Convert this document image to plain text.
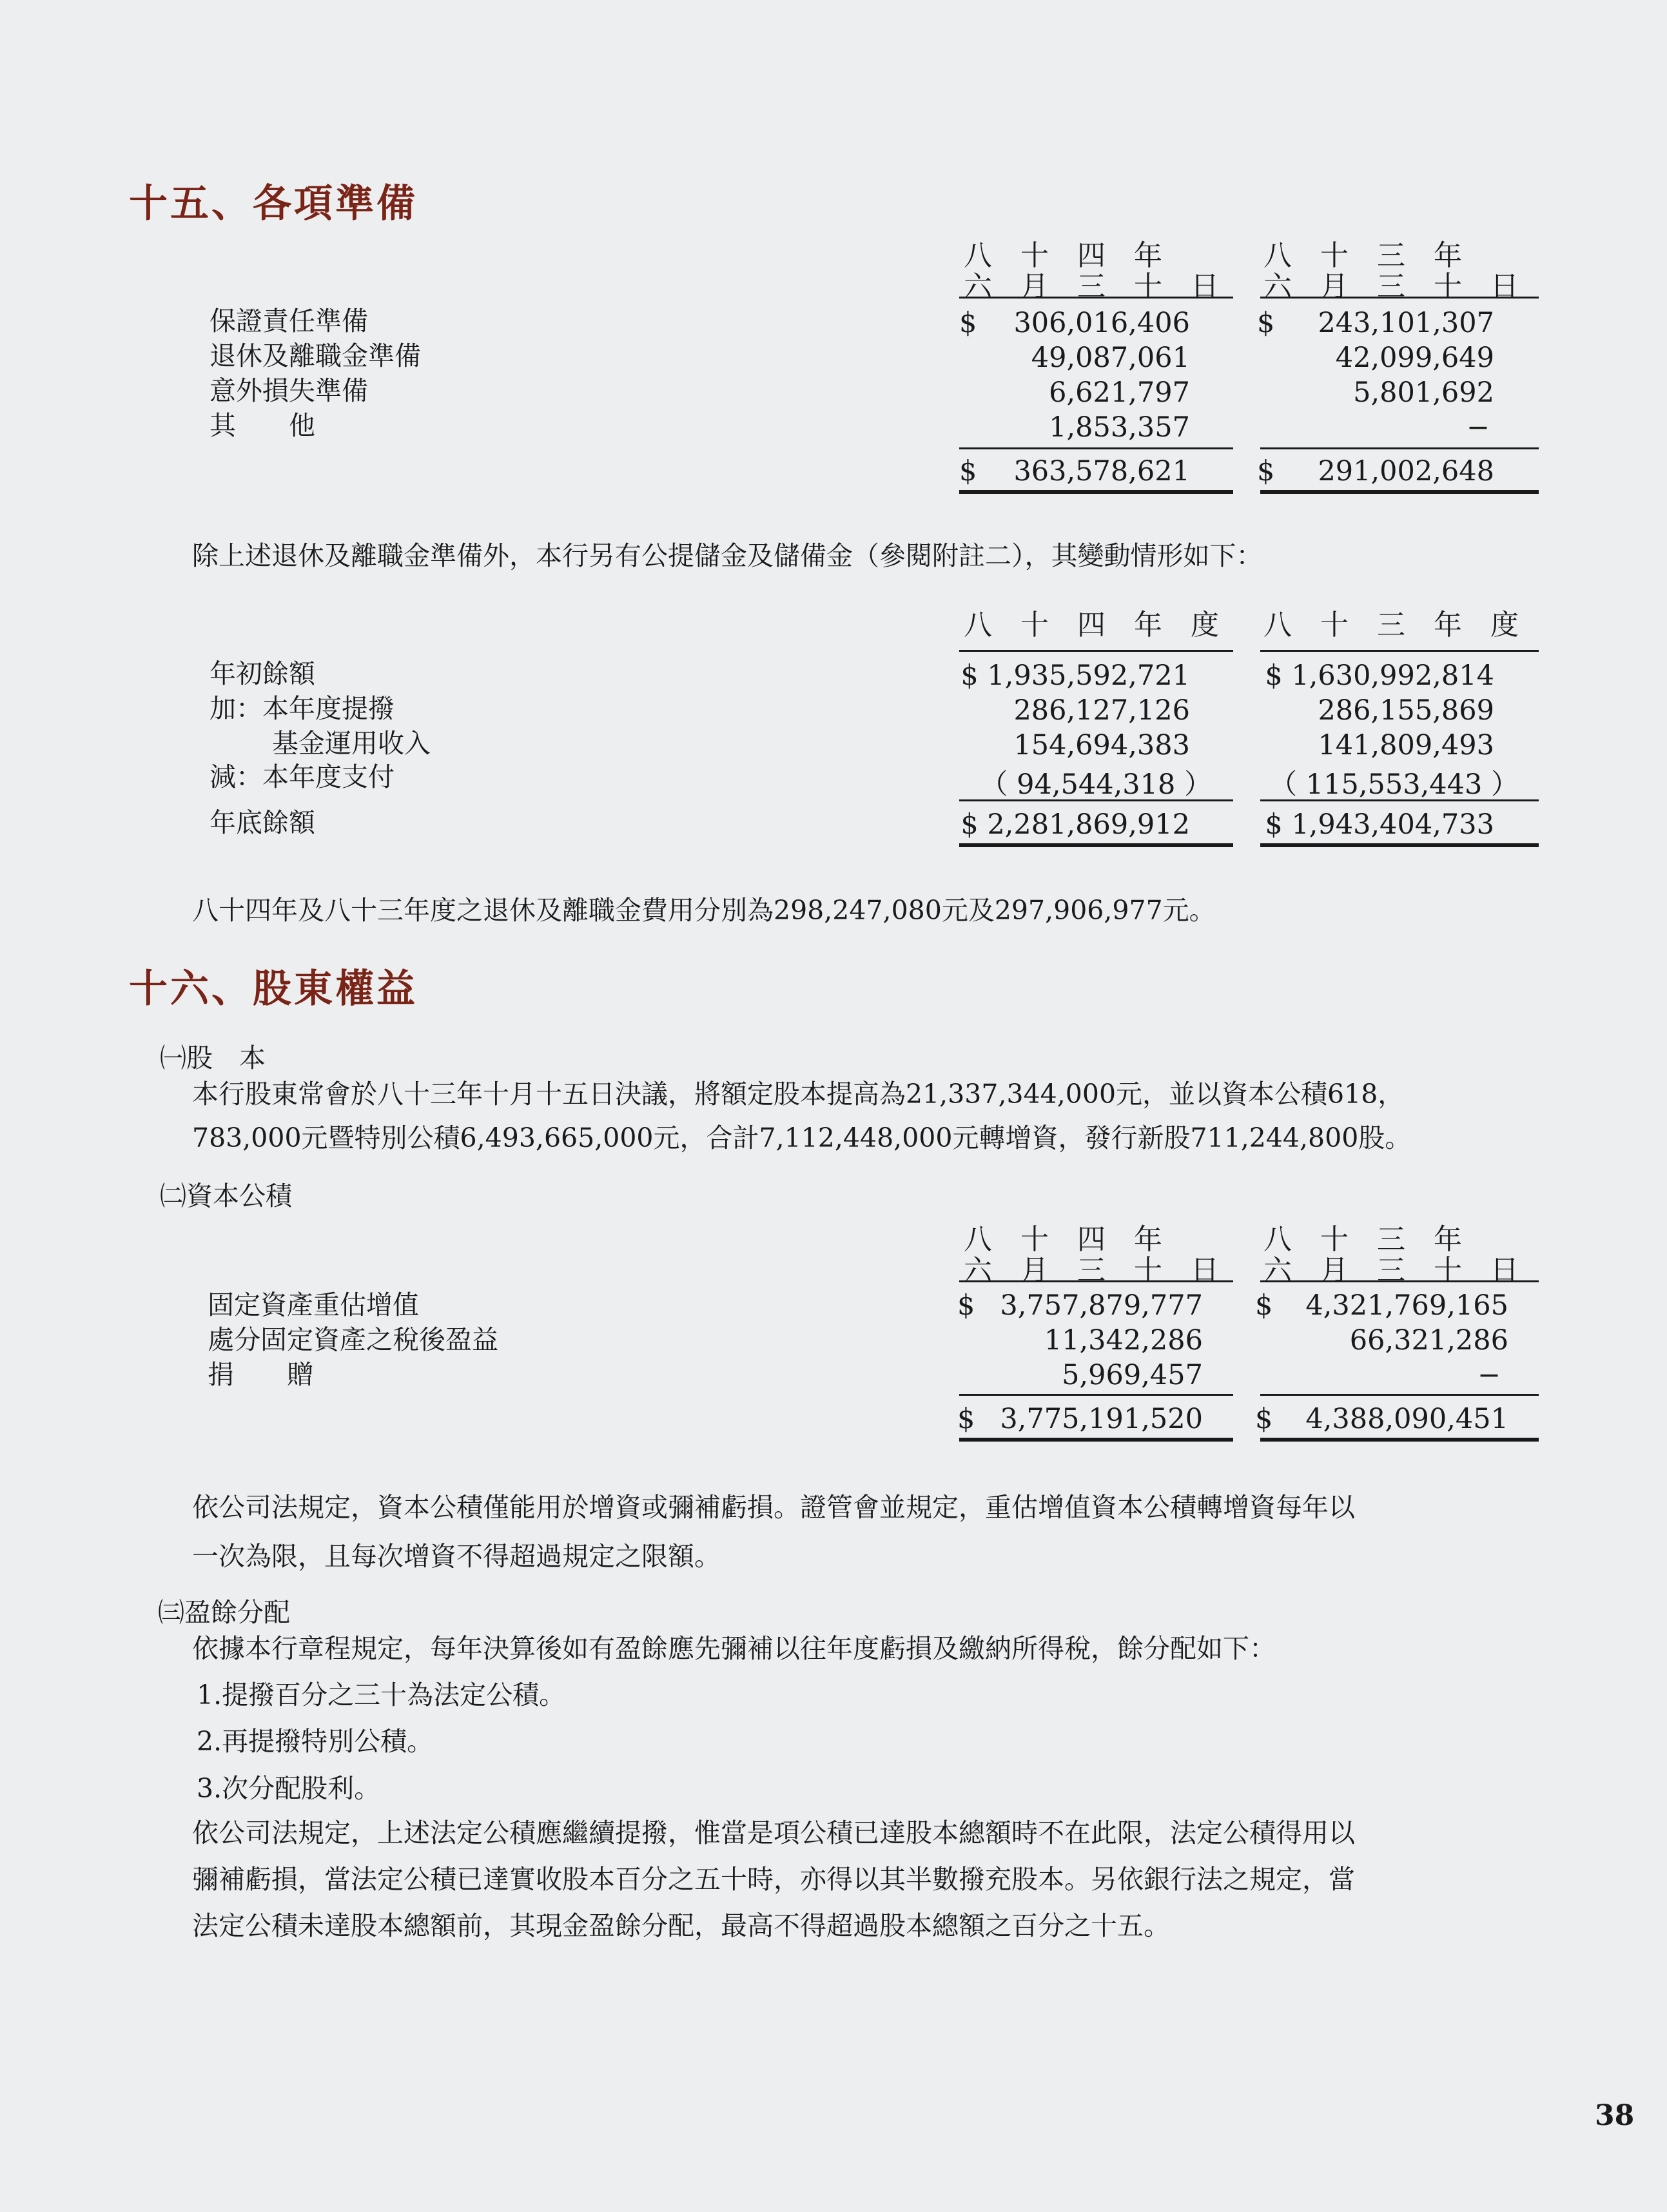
十五、各項準備
八　十　四　年
六　月　三　十　日
八　十　三　年
六　月　三　十　日
保證責任準備	$ 306,016,406 $ 243,101,307
退休及離職金準備	49,087,061	42,099,649
意外損失準備	6,621,797	5,801,692
其　　他	1,853,357	−
$ 363,578,621 $ 291,002,648
除上述退休及離職金準備外，本行另有公提儲金及儲備金（參閱附註二），其變動情形如下：
八　十　四　年　度 八　十　三　年　度
年初餘額	$ 1,935,592,721	$ 1,630,992,814
加：本年度提撥	286,127,126	286,155,869
基金運用收入	154,694,383	141,809,493
減：本年度支付	（ 94,544,318 ） （ 115,553,443 ）
年底餘額	$ 2,281,869,912	$ 1,943,404,733
八十四年及八十三年度之退休及離職金費用分別為298,247,080元及297,906,977元。
十六、股東權益
㈠股　本
本行股東常會於八十三年十月十五日決議，將額定股本提高為21,337,344,000元，並以資本公積618，
783,000元暨特別公積6,493,665,000元，合計7,112,448,000元轉增資，發行新股711,244,800股。
㈡資本公積
八　十　四　年
六　月　三　十　日
八　十　三　年
六　月　三　十　日
固定資產重估增值	$ 3,757,879,777 $ 4,321,769,165
處分固定資產之稅後盈益	11,342,286	66,321,286
捐　　贈	5,969,457	−
$ 3,775,191,520 $ 4,388,090,451
依公司法規定，資本公積僅能用於增資或彌補虧損。證管會並規定，重估增值資本公積轉增資每年以
一次為限，且每次增資不得超過規定之限額。
㈢盈餘分配
依據本行章程規定，每年決算後如有盈餘應先彌補以往年度虧損及繳納所得稅，餘分配如下：
1.提撥百分之三十為法定公積。
2.再提撥特別公積。
3.次分配股利。
依公司法規定，上述法定公積應繼續提撥，惟當是項公積已達股本總額時不在此限，法定公積得用以
彌補虧損，當法定公積已達實收股本百分之五十時，亦得以其半數撥充股本。另依銀行法之規定，當
法定公積未達股本總額前，其現金盈餘分配，最高不得超過股本總額之百分之十五。
38
